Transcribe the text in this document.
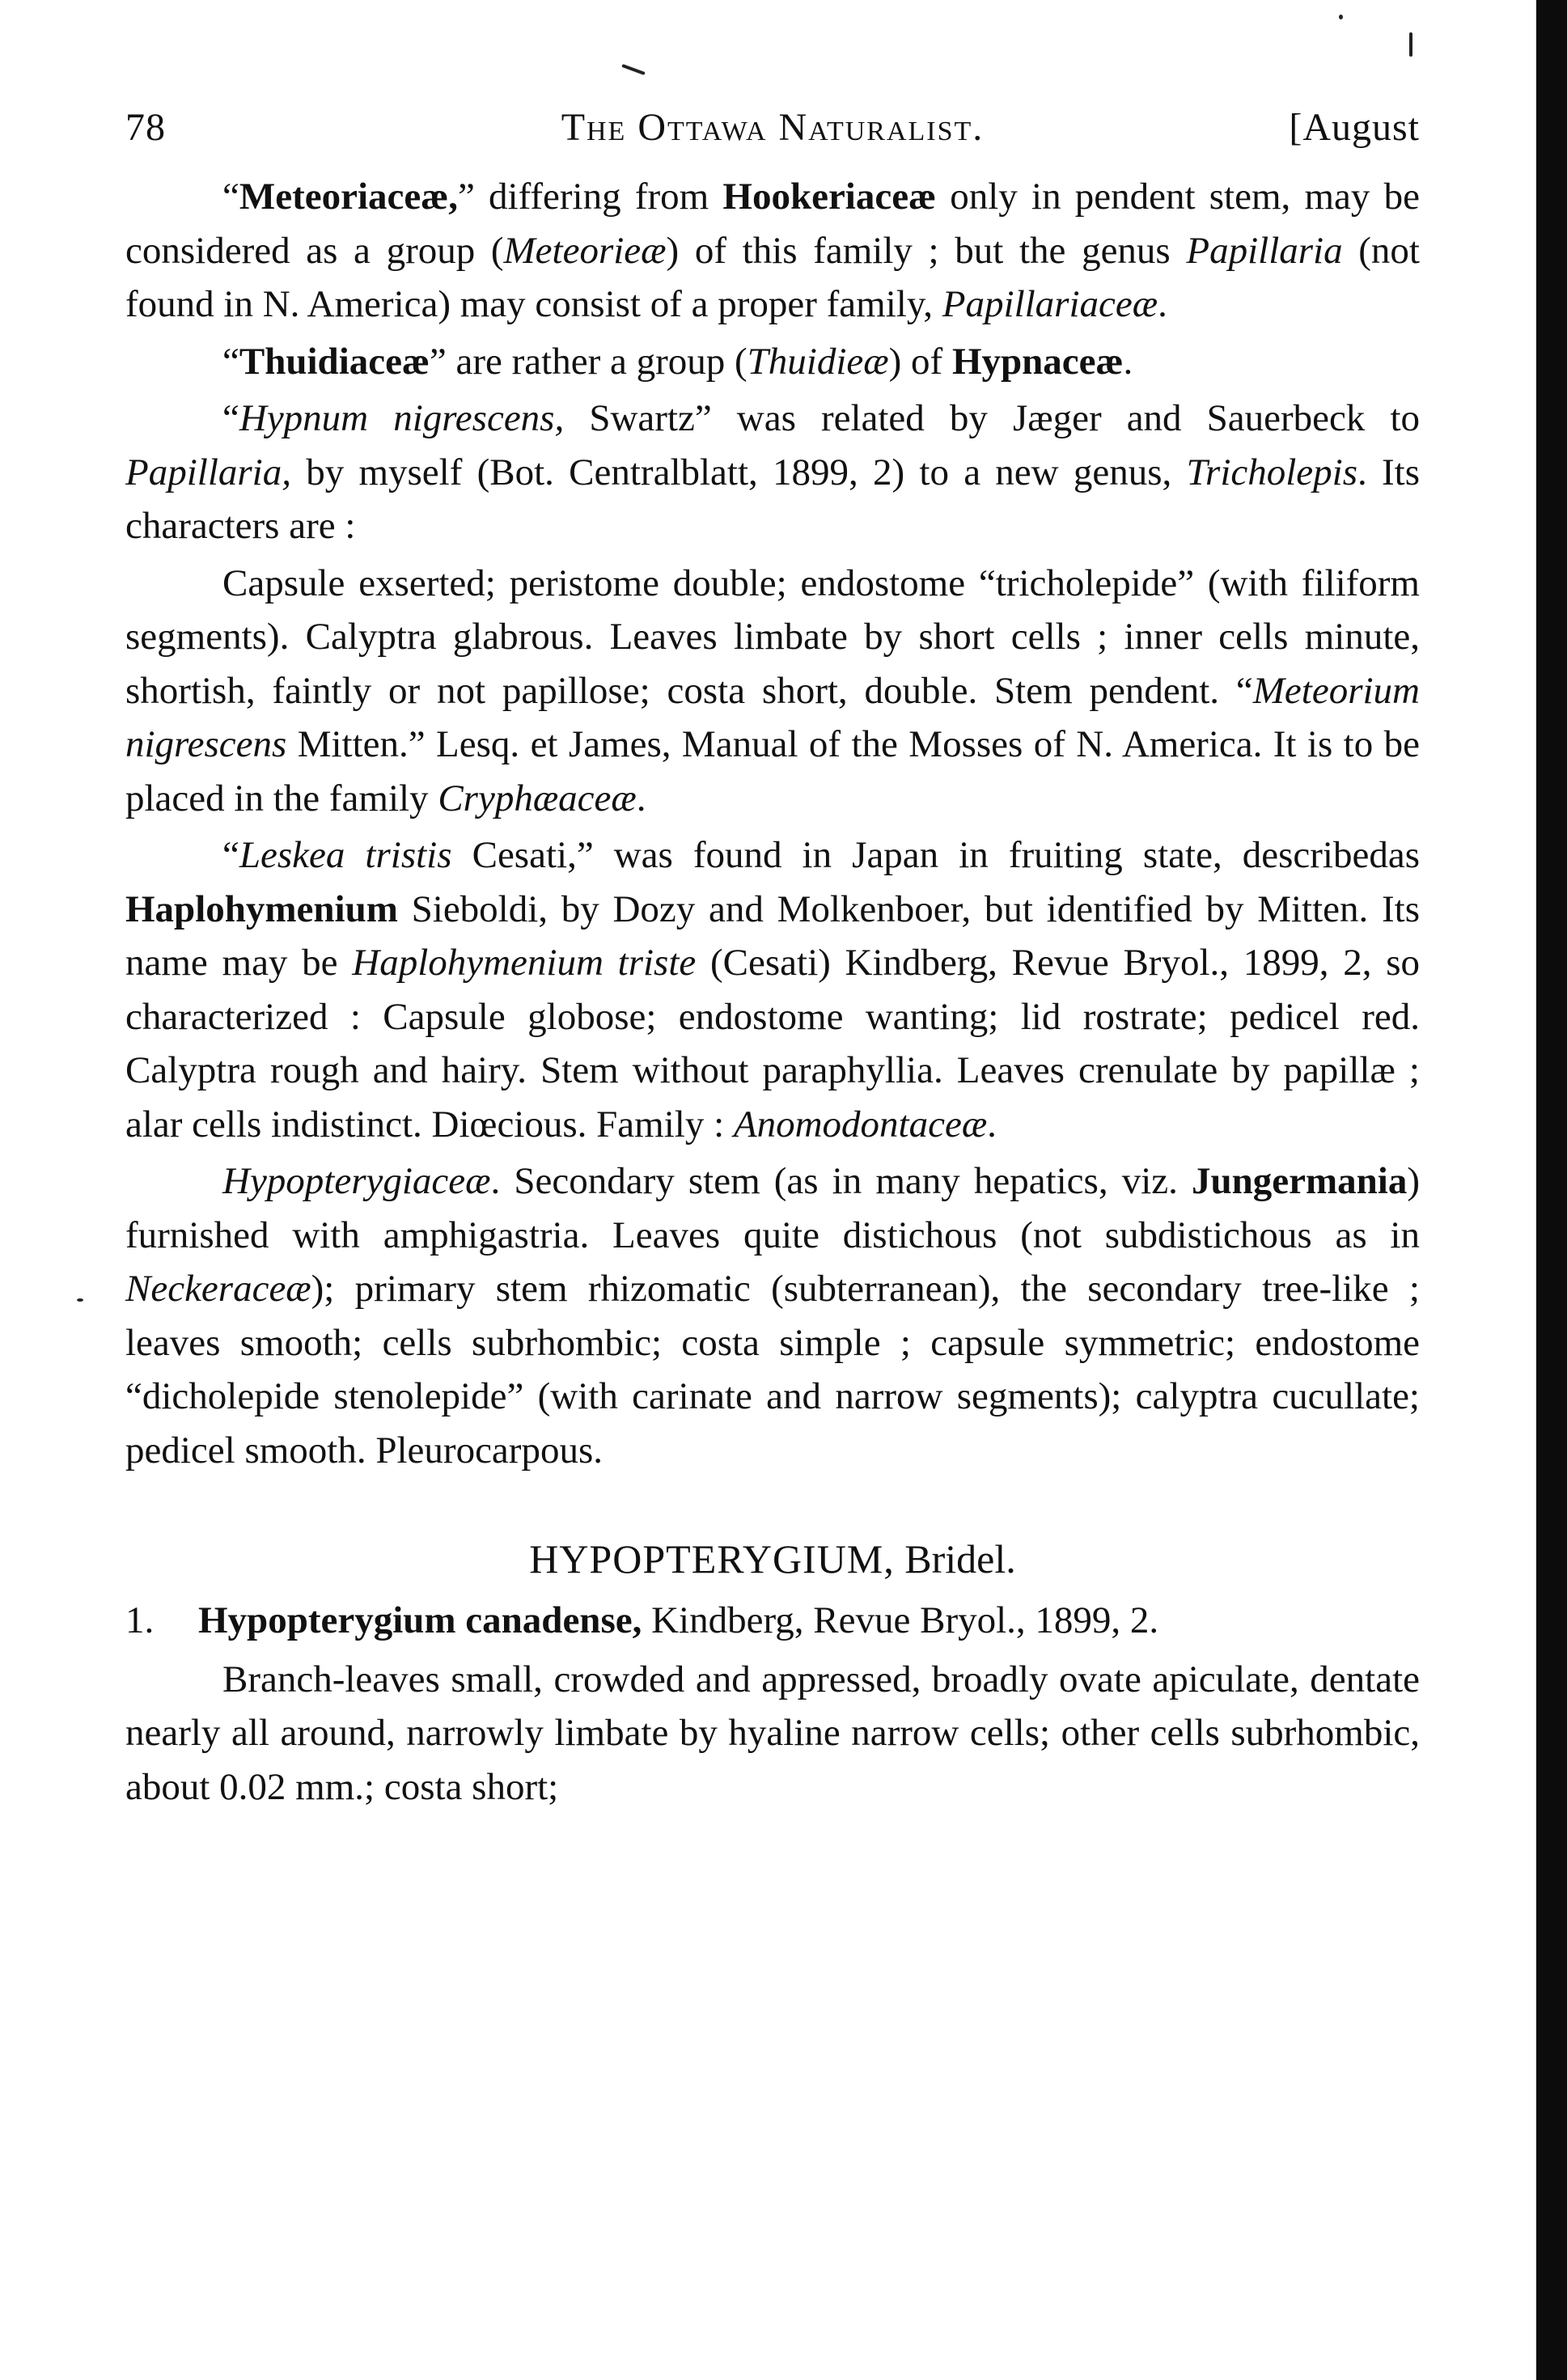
78	The Ottawa Naturalist.	[August

“Meteoriaceæ,” differing from Hookeriaceæ only in pendent stem, may be considered as a group (Meteorieæ) of this family ; but the genus Papillaria (not found in N. America) may consist of a proper family, Papillariaceæ.

“Thuidiaceæ” are rather a group (Thuidieæ) of Hypnaceæ.

“Hypnum nigrescens, Swartz” was related by Jæger and Sauerbeck to Papillaria, by myself (Bot. Centralblatt, 1899, 2) to a new genus, Tricholepis. Its characters are :

Capsule exserted; peristome double; endostome “tricholepide” (with filiform segments). Calyptra glabrous. Leaves limbate by short cells ; inner cells minute, shortish, faintly or not papillose; costa short, double. Stem pendent. “Meteorium nigrescens Mitten.” Lesq. et James, Manual of the Mosses of N. America. It is to be placed in the family Cryphæaceæ.

“Leskea tristis Cesati,” was found in Japan in fruiting state, describedas Haplohymenium Sieboldi, by Dozy and Molkenboer, but identified by Mitten. Its name may be Haplohymenium triste (Cesati) Kindberg, Revue Bryol., 1899, 2, so characterized : Capsule globose; endostome wanting; lid rostrate; pedicel red. Calyptra rough and hairy. Stem without paraphyllia. Leaves crenulate by papillæ ; alar cells indistinct. Diœcious. Family : Anomodontaceæ.

Hypopterygiaceæ. Secondary stem (as in many hepatics, viz. Jungermania) furnished with amphigastria. Leaves quite distichous (not subdistichous as in Neckeraceæ); primary stem rhizomatic (subterranean), the secondary tree-like ; leaves smooth; cells subrhombic; costa simple ; capsule symmetric; endostome “dicholepide stenolepide” (with carinate and narrow segments); calyptra cucullate; pedicel smooth. Pleurocarpous.

HYPOPTERYGIUM, Bridel.
1. Hypopterygium canadense, Kindberg, Revue Bryol., 1899, 2.

Branch-leaves small, crowded and appressed, broadly ovate apiculate, dentate nearly all around, narrowly limbate by hyaline narrow cells; other cells subrhombic, about 0.02 mm.; costa short;
